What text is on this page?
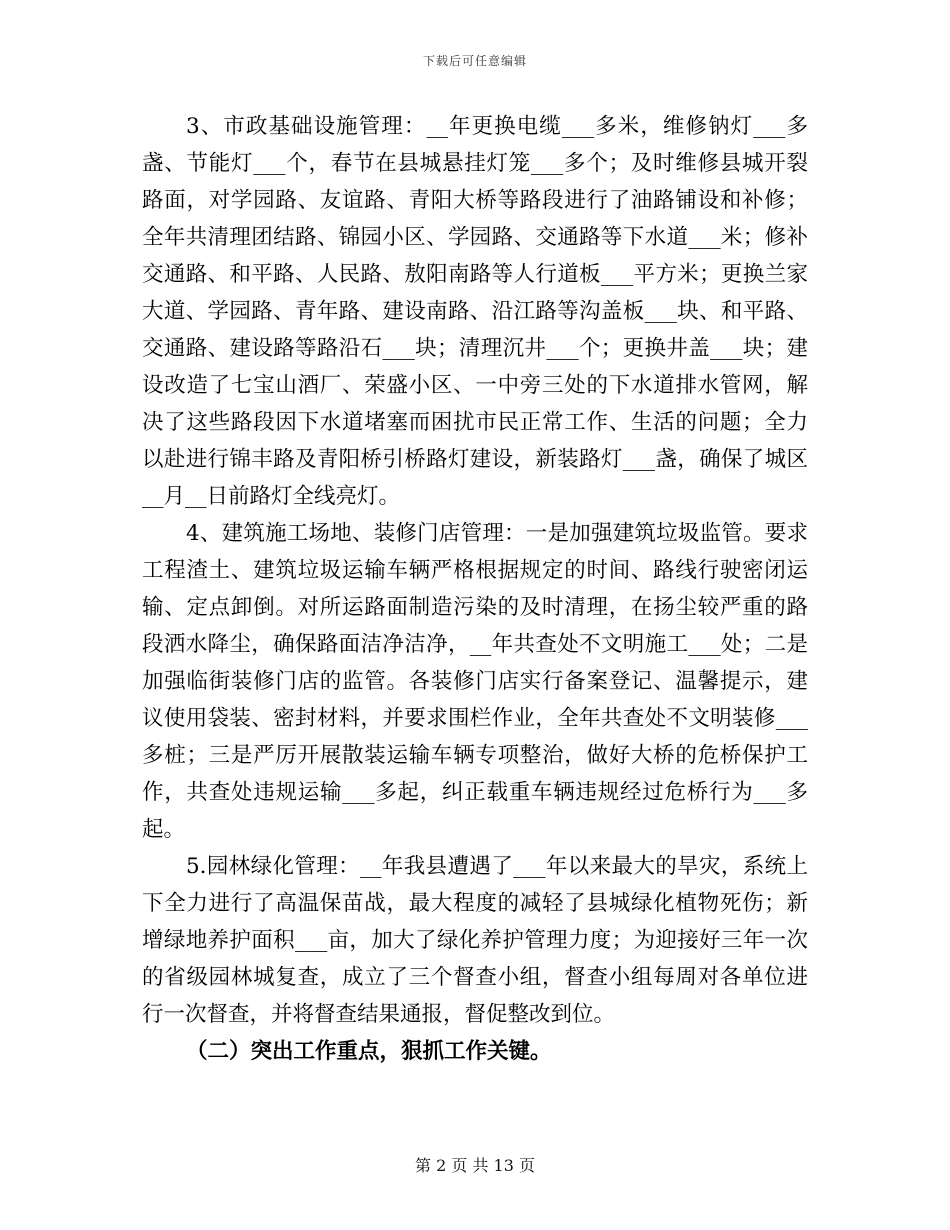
下载后可任意编辑

3、市政基础设施管理：__年更换电缆___多米，维修钠灯___多盏、节能灯___个，春节在县城悬挂灯笼___多个；及时维修县城开裂路面，对学园路、友谊路、青阳大桥等路段进行了油路铺设和补修；全年共清理团结路、锦园小区、学园路、交通路等下水道___米；修补交通路、和平路、人民路、敖阳南路等人行道板___平方米；更换兰家大道、学园路、青年路、建设南路、沿江路等沟盖板___块、和平路、交通路、建设路等路沿石___块；清理沉井___个；更换井盖___块；建设改造了七宝山酒厂、荣盛小区、一中旁三处的下水道排水管网，解决了这些路段因下水道堵塞而困扰市民正常工作、生活的问题；全力以赴进行锦丰路及青阳桥引桥路灯建设，新装路灯___盏，确保了城区__月__日前路灯全线亮灯。

4、建筑施工场地、装修门店管理：一是加强建筑垃圾监管。要求工程渣土、建筑垃圾运输车辆严格根据规定的时间、路线行驶密闭运输、定点卸倒。对所运路面制造污染的及时清理，在扬尘较严重的路段洒水降尘，确保路面洁净洁净，__年共查处不文明施工___处；二是加强临街装修门店的监管。各装修门店实行备案登记、温馨提示，建议使用袋装、密封材料，并要求围栏作业，全年共查处不文明装修___多桩；三是严厉开展散装运输车辆专项整治，做好大桥的危桥保护工作，共查处违规运输___多起，纠正载重车辆违规经过危桥行为___多起。

5.园林绿化管理：__年我县遭遇了___年以来最大的旱灾，系统上下全力进行了高温保苗战，最大程度的减轻了县城绿化植物死伤；新增绿地养护面积___亩，加大了绿化养护管理力度；为迎接好三年一次的省级园林城复查，成立了三个督查小组，督查小组每周对各单位进行一次督查，并将督查结果通报，督促整改到位。

（二）突出工作重点，狠抓工作关键。

第 2 页 共 13 页
